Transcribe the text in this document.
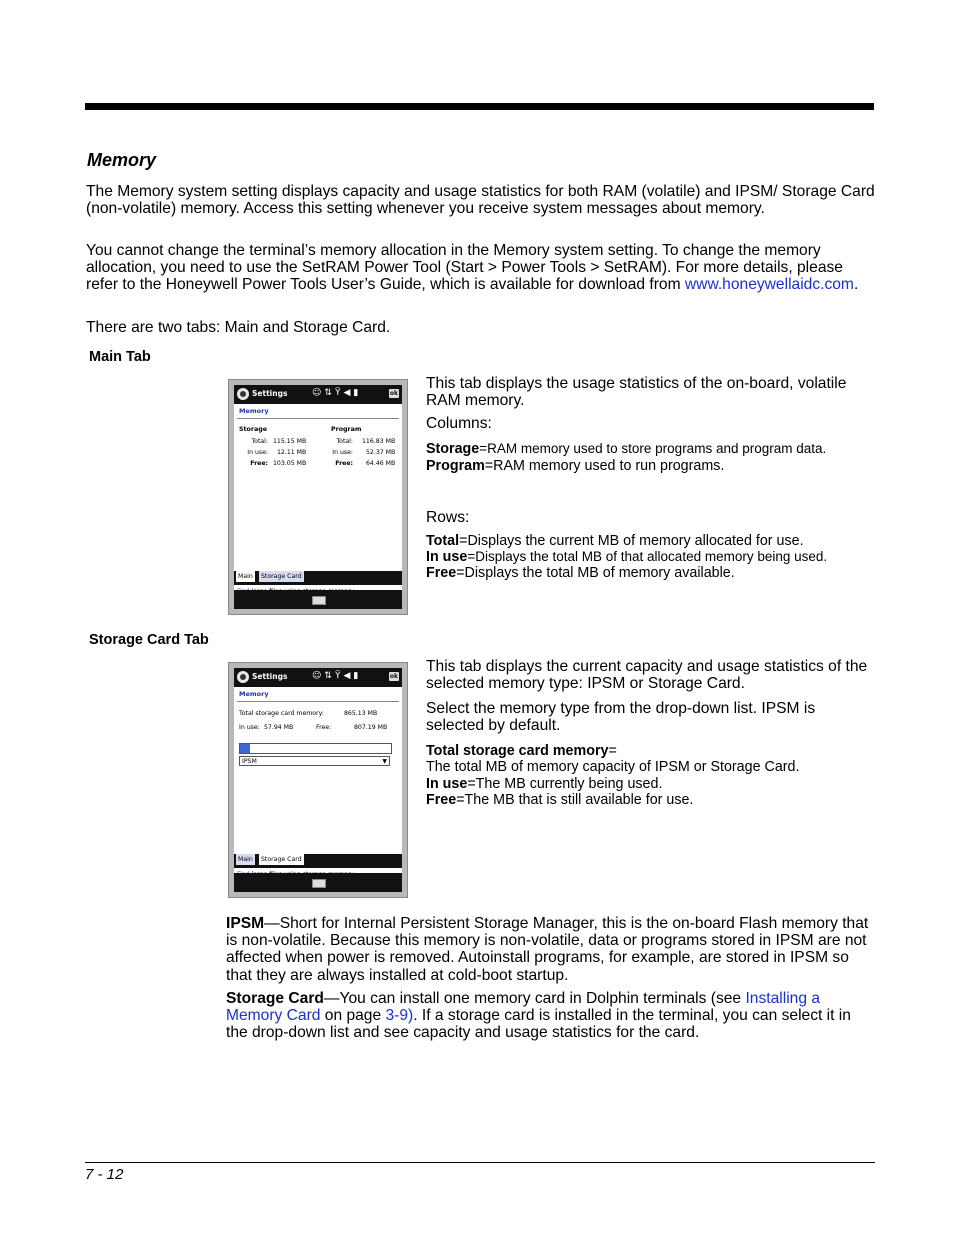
Memory

The Memory system setting displays capacity and usage statistics for both RAM (volatile) and IPSM/ Storage Card (non-volatile) memory. Access this setting whenever you receive system messages about memory.

You cannot change the terminal’s memory allocation in the Memory system setting. To change the memory allocation, you need to use the SetRAM Power Tool (Start > Power Tools > SetRAM). For more details, please refer to the Honeywell Power Tools User’s Guide, which is available for download from www.honeywellaidc.com.

There are two tabs: Main and Storage Card.

Main Tab

Settings	☺⇅Ÿ◀▮	ok
Memory
Storage	Program
Total: 115.15 MB	Total: 116.83 MB
In use: 12.11 MB	In use: 52.37 MB
Free: 103.05 MB	Free: 64.46 MB
Main	Storage Card

This tab displays the usage statistics of the on-board, volatile RAM memory.

Columns:

Storage=RAM memory used to store programs and program data.

Program=RAM memory used to run programs.

Rows:

Total=Displays the current MB of memory allocated for use.

In use=Displays the total MB of that allocated memory being used.

Free=Displays the total MB of memory available.

Storage Card Tab

Settings	☺⇅Ÿ◀▮	ok
Memory
Total storage card memory:	865.13 MB
In use: 57.94 MB	Free:	807.19 MB
IPSM	▼
Main	Storage Card

This tab displays the current capacity and usage statistics of the selected memory type: IPSM or Storage Card.

Select the memory type from the drop-down list. IPSM is selected by default.

Total storage card memory=
The total MB of memory capacity of IPSM or Storage Card.

In use=The MB currently being used.

Free=The MB that is still available for use.

IPSM—Short for Internal Persistent Storage Manager, this is the on-board Flash memory that is non-volatile. Because this memory is non-volatile, data or programs stored in IPSM are not affected when power is removed. Autoinstall programs, for example, are stored in IPSM so that they are always installed at cold-boot startup.

Storage Card—You can install one memory card in Dolphin terminals (see Installing a Memory Card on page 3-9). If a storage card is installed in the terminal, you can select it in the drop-down list and see capacity and usage statistics for the card.

7 - 12
